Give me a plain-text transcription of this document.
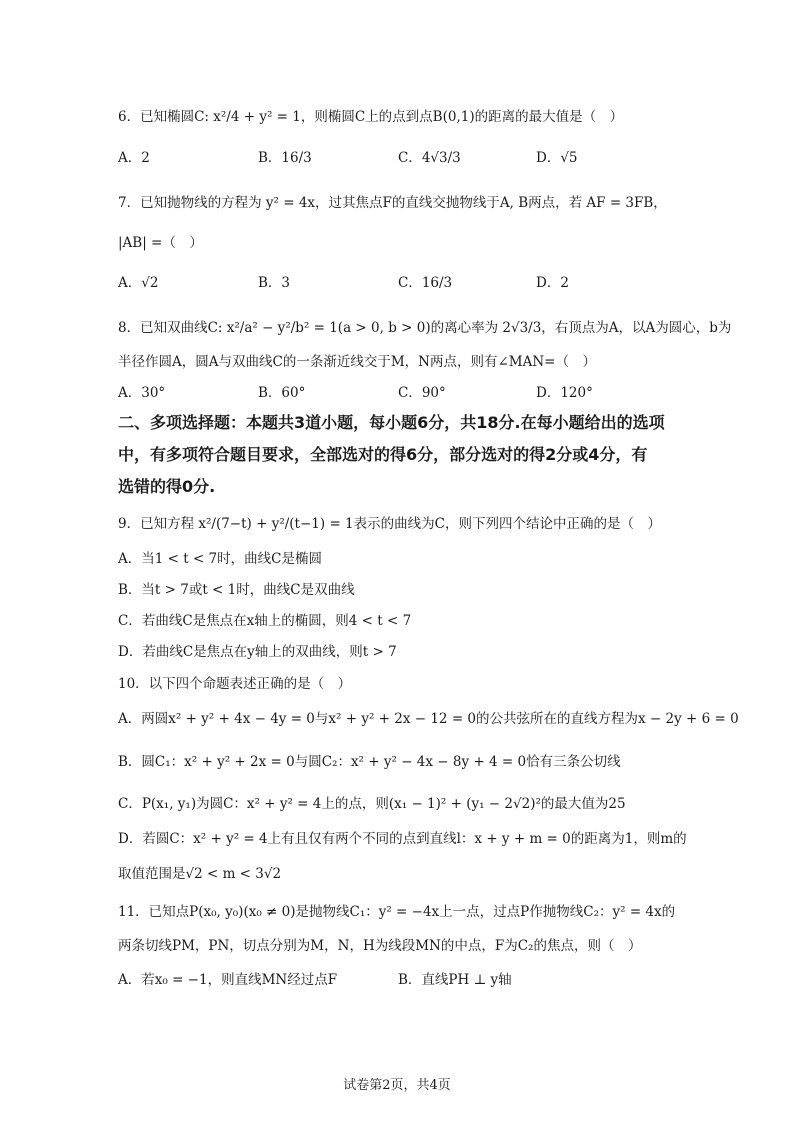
6．已知椭圆C: x²/4 + y² = 1，则椭圆C上的点到点B(0,1)的距离的最大值是（　）
A．2	B．16/3	C．4√3/3	D．√5
7．已知抛物线的方程为 y² = 4x，过其焦点F的直线交抛物线于A, B两点，若 AF = 3FB，
|AB| =（　）
A．√2	B．3	C．16/3	D．2
8．已知双曲线C: x²/a² − y²/b² = 1(a > 0, b > 0)的离心率为 2√3/3，右顶点为A，以A为圆心，b为
半径作圆A，圆A与双曲线C的一条渐近线交于M，N两点，则有∠MAN=（　）
A．30°	B．60°	C．90°	D．120°
二、多项选择题：本题共3道小题，每小题6分，共18分.在每小题给出的选项
中，有多项符合题目要求，全部选对的得6分，部分选对的得2分或4分，有
选错的得0分.
9．已知方程 x²/(7−t) + y²/(t−1) = 1表示的曲线为C，则下列四个结论中正确的是（　）
A．当1 < t < 7时，曲线C是椭圆
B．当t > 7或t < 1时，曲线C是双曲线
C．若曲线C是焦点在x轴上的椭圆，则4 < t < 7
D．若曲线C是焦点在y轴上的双曲线，则t > 7
10．以下四个命题表述正确的是（　）
A．两圆x² + y² + 4x − 4y = 0与x² + y² + 2x − 12 = 0的公共弦所在的直线方程为x − 2y + 6 = 0
B．圆C₁：x² + y² + 2x = 0与圆C₂：x² + y² − 4x − 8y + 4 = 0恰有三条公切线
C．P(x₁, y₁)为圆C：x² + y² = 4上的点，则(x₁ − 1)² + (y₁ − 2√2)²的最大值为25
D．若圆C：x² + y² = 4上有且仅有两个不同的点到直线l：x + y + m = 0的距离为1，则m的
取值范围是√2 < m < 3√2
11．已知点P(x₀, y₀)(x₀ ≠ 0)是抛物线C₁：y² = −4x上一点，过点P作抛物线C₂：y² = 4x的
两条切线PM，PN，切点分别为M，N，H为线段MN的中点，F为C₂的焦点，则（　）
A．若x₀ = −1，则直线MN经过点F	B．直线PH ⊥ y轴
试卷第2页，共4页
